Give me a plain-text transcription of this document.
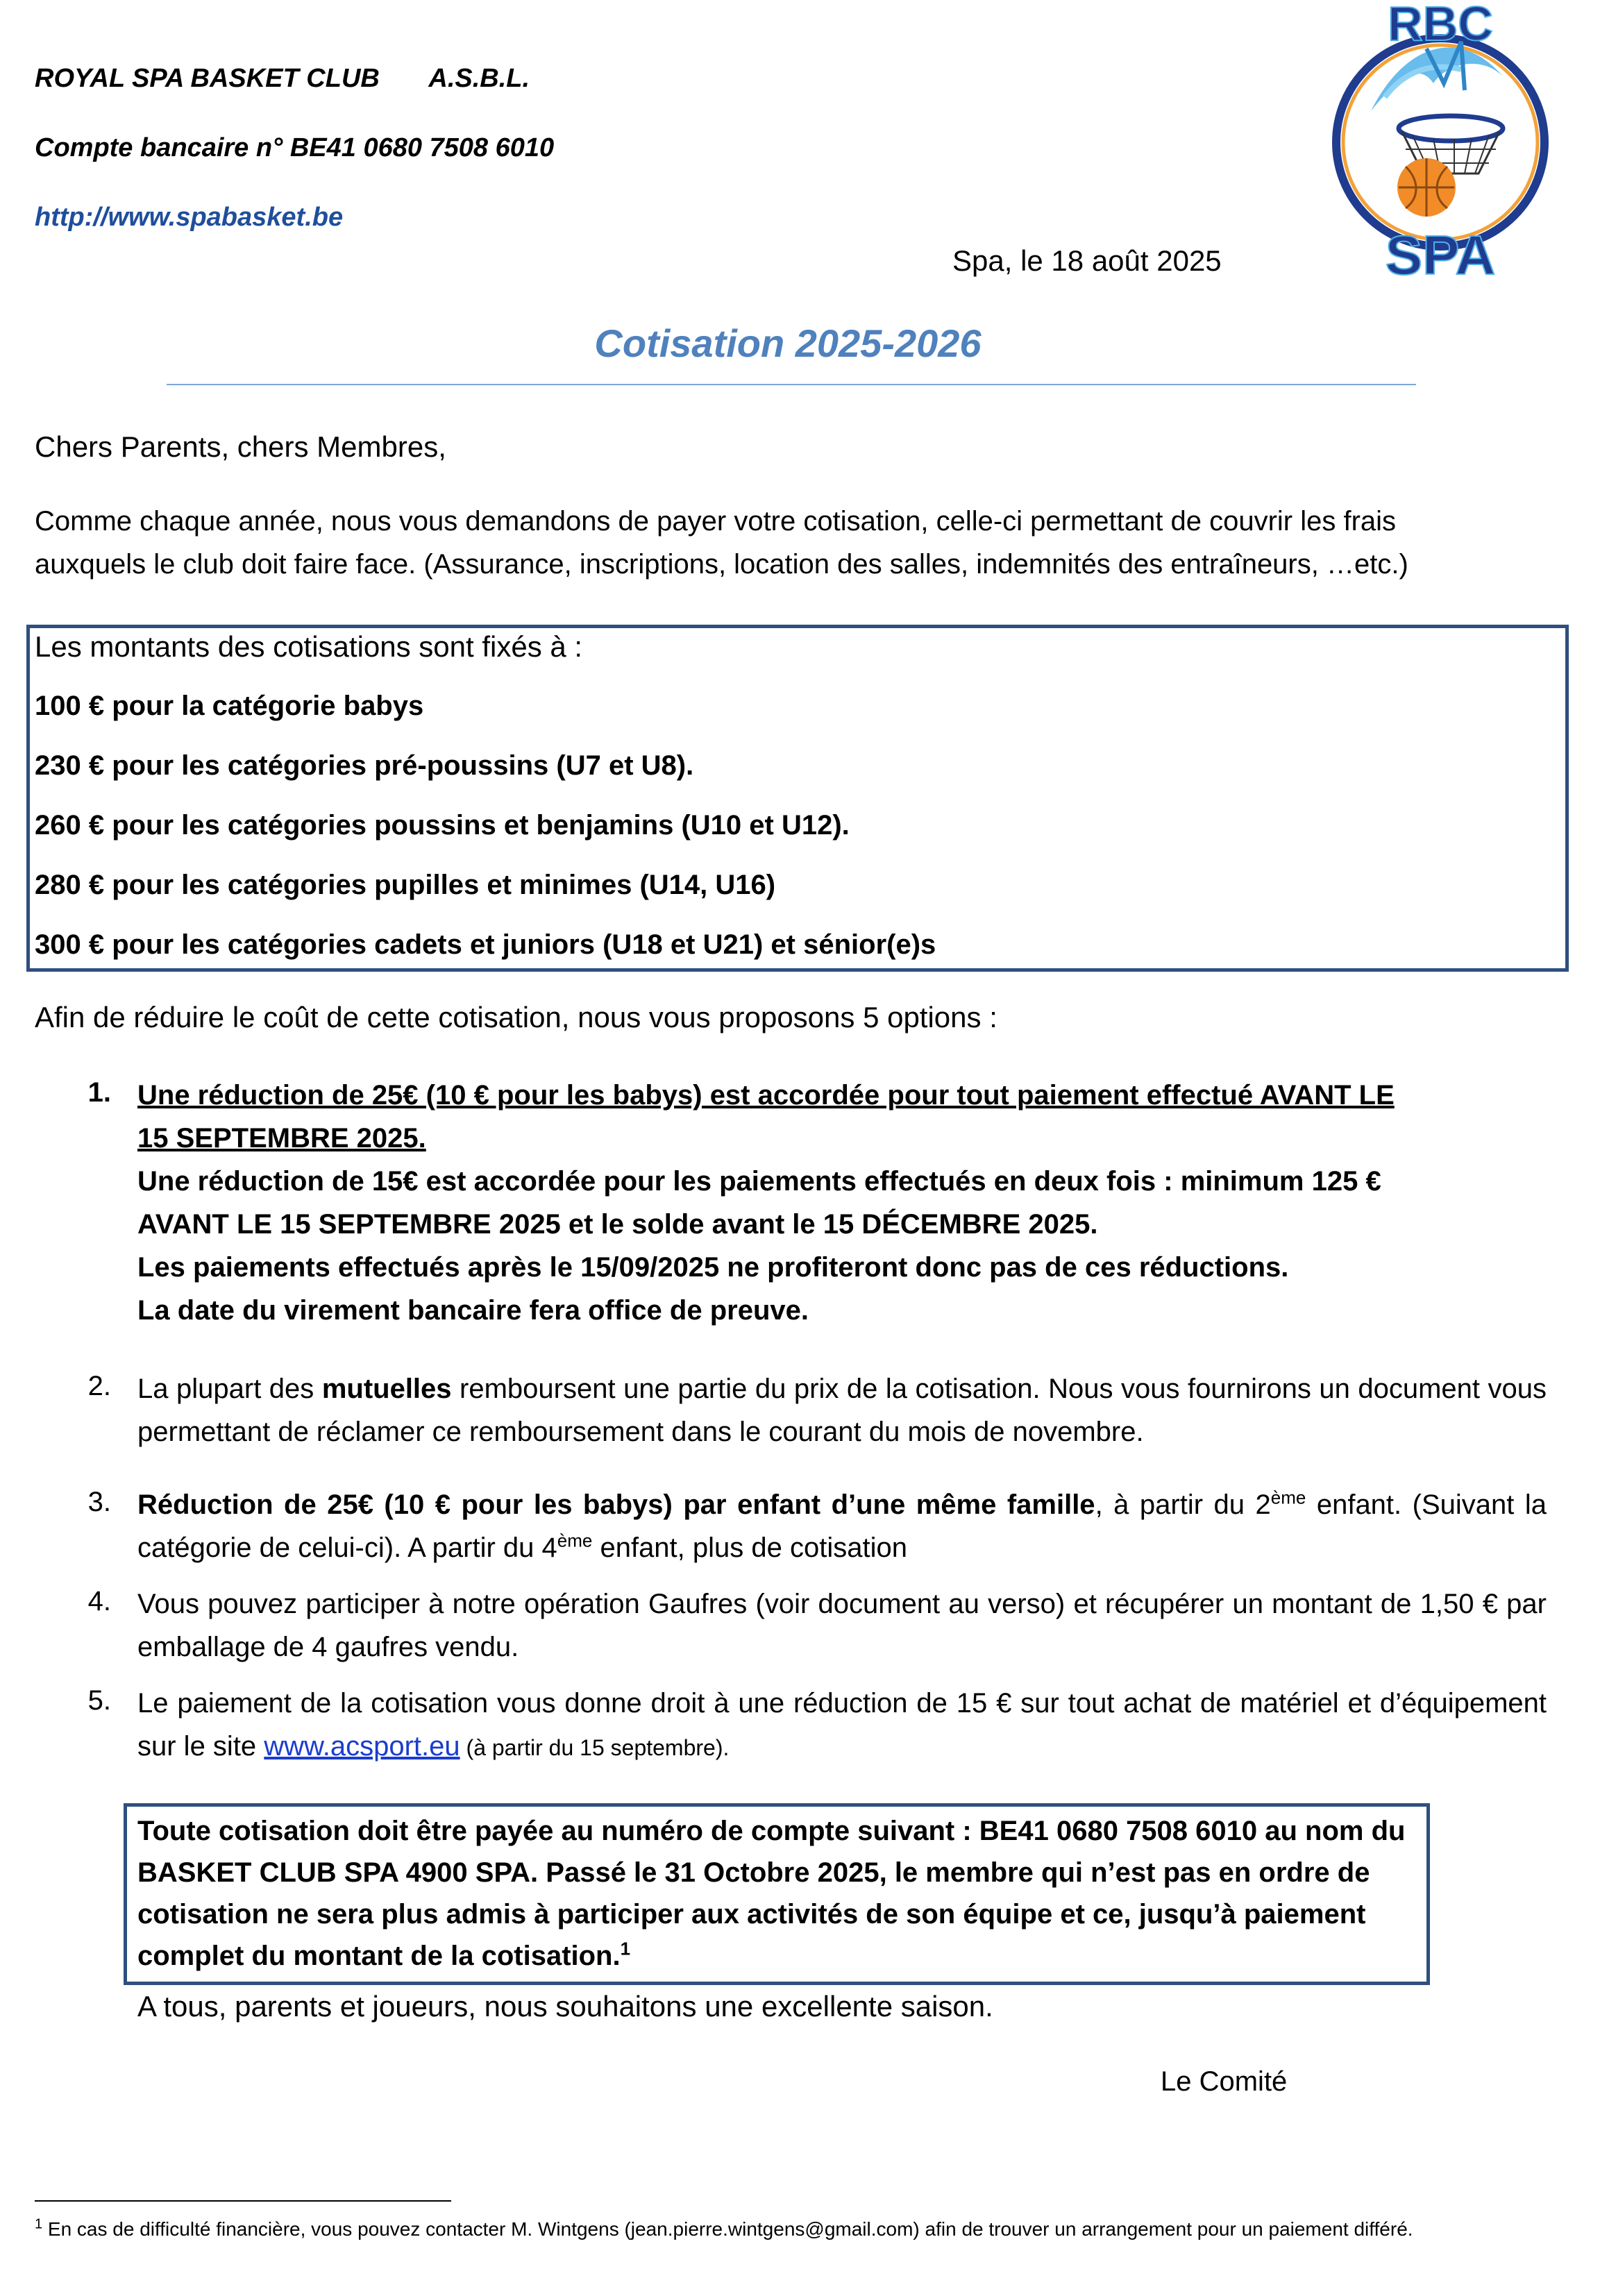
ROYAL SPA BASKET CLUB A.S.B.L.
Compte bancaire n° BE41 0680 7508 6010
http://www.spabasket.be
Spa, le 18 août 2025
RBC
SPA
Cotisation 2025-2026
Chers Parents, chers Membres,
Comme chaque année, nous vous demandons de payer votre cotisation, celle-ci permettant de couvrir les frais auxquels le club doit faire face. (Assurance, inscriptions, location des salles, indemnités des entraîneurs, …etc.)
Les montants des cotisations sont fixés à :
100 € pour la catégorie babys
230 € pour les catégories pré-poussins (U7 et U8).
260 € pour les catégories poussins et benjamins (U10 et U12).
280 € pour les catégories pupilles et minimes (U14, U16)
300 € pour les catégories cadets et juniors (U18 et U21) et sénior(e)s
Afin de réduire le coût de cette cotisation, nous vous proposons 5 options :
1. Une réduction de 25€ (10 € pour les babys) est accordée pour tout paiement effectué AVANT LE
15 SEPTEMBRE 2025.
Une réduction de 15€ est accordée pour les paiements effectués en deux fois : minimum 125 €
AVANT LE 15 SEPTEMBRE 2025 et le solde avant le 15 DÉCEMBRE 2025.
Les paiements effectués après le 15/09/2025 ne profiteront donc pas de ces réductions.
La date du virement bancaire fera office de preuve.
2. La plupart des mutuelles remboursent une partie du prix de la cotisation. Nous vous fournirons un document vous permettant de réclamer ce remboursement dans le courant du mois de novembre.
3. Réduction de 25€ (10 € pour les babys) par enfant d’une même famille, à partir du 2ème enfant. (Suivant la catégorie de celui-ci). A partir du 4ème enfant, plus de cotisation
4. Vous pouvez participer à notre opération Gaufres (voir document au verso) et récupérer un montant de 1,50 € par emballage de 4 gaufres vendu.
5. Le paiement de la cotisation vous donne droit à une réduction de 15 € sur tout achat de matériel et d’équipement sur le site www.acsport.eu (à partir du 15 septembre).
Toute cotisation doit être payée au numéro de compte suivant : BE41 0680 7508 6010 au nom du BASKET CLUB SPA 4900 SPA. Passé le 31 Octobre 2025, le membre qui n’est pas en ordre de cotisation ne sera plus admis à participer aux activités de son équipe et ce, jusqu’à paiement complet du montant de la cotisation.$^1$
A tous, parents et joueurs, nous souhaitons une excellente saison.
Le Comité
$^1$ En cas de difficulté financière, vous pouvez contacter M. Wintgens (jean.pierre.wintgens@gmail.com) afin de trouver un arrangement pour un paiement différé.
